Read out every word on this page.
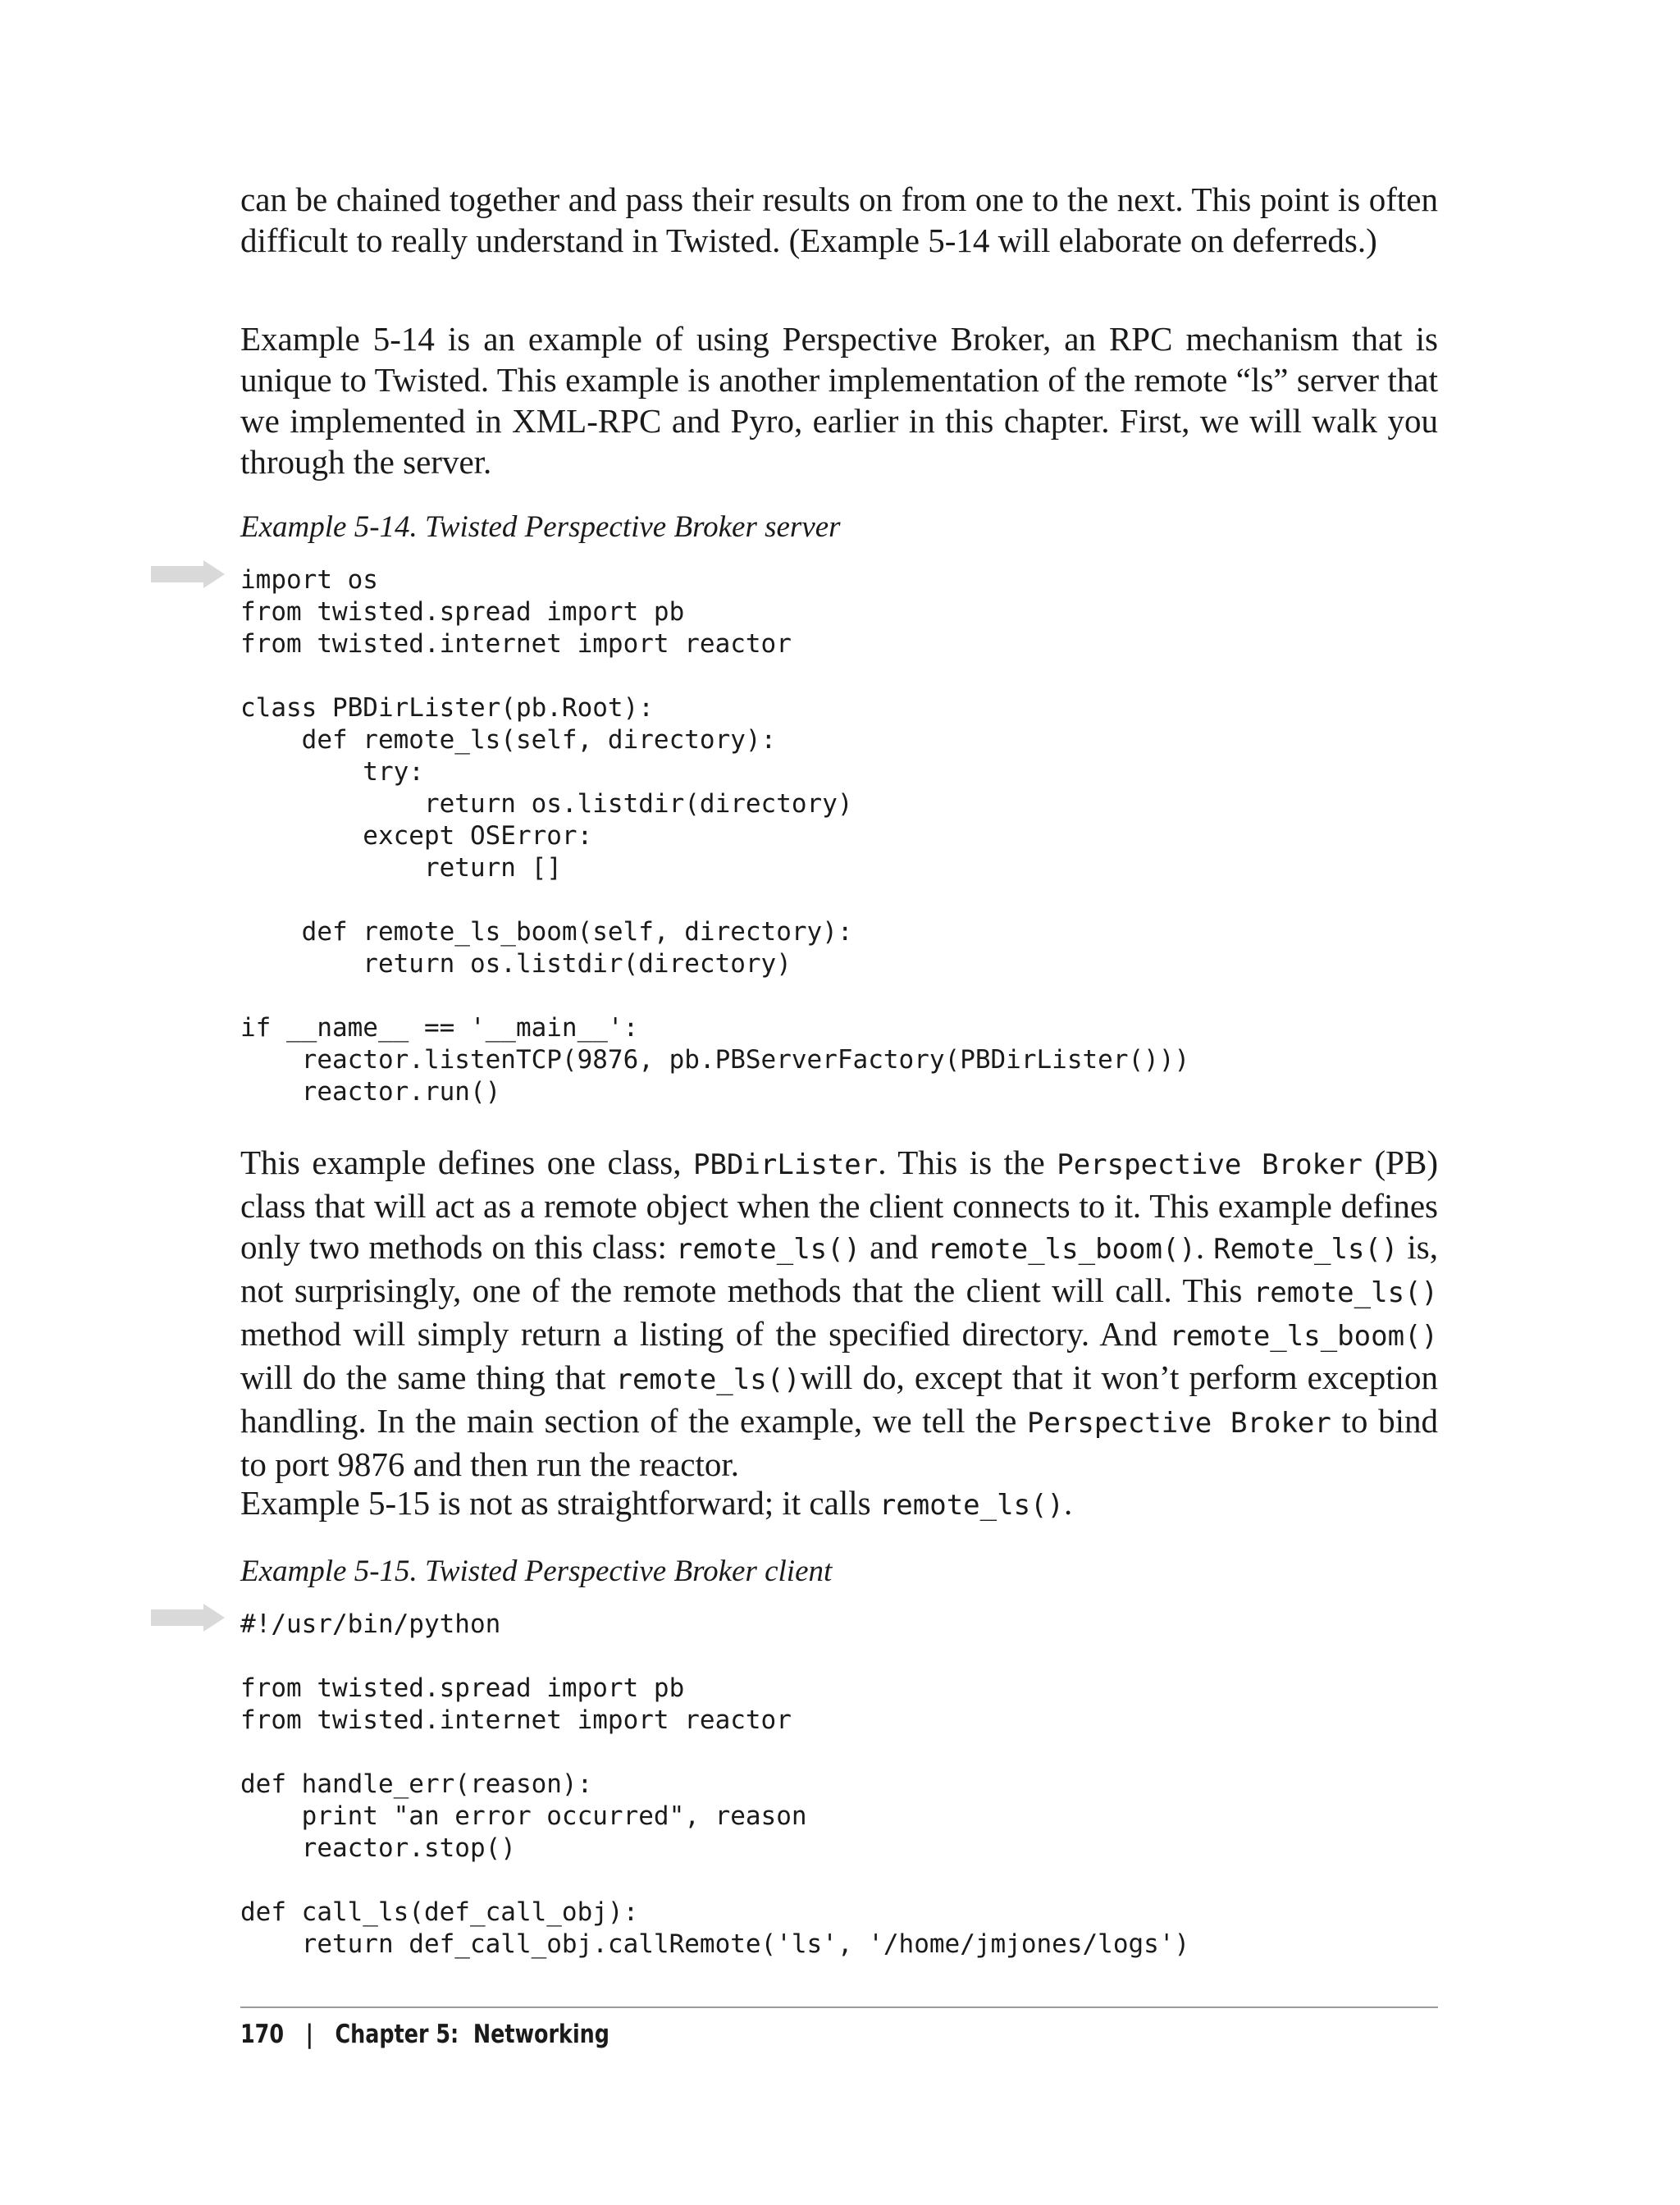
can be chained together and pass their results on from one to the next. This point is often difficult to really understand in Twisted. (Example 5-14 will elaborate on deferreds.)

Example 5-14 is an example of using Perspective Broker, an RPC mechanism that is unique to Twisted. This example is another implementation of the remote “ls” server that we implemented in XML-RPC and Pyro, earlier in this chapter. First, we will walk you through the server.

Example 5-14. Twisted Perspective Broker server

import os
from twisted.spread import pb
from twisted.internet import reactor

class PBDirLister(pb.Root):
def remote_ls(self, directory):
try:
return os.listdir(directory)
except OSError:
return []

def remote_ls_boom(self, directory):
return os.listdir(directory)

if __name__ == '__main__':
reactor.listenTCP(9876, pb.PBServerFactory(PBDirLister()))
reactor.run()

This example defines one class, PBDirLister. This is the Perspective Broker (PB) class that will act as a remote object when the client connects to it. This example defines only two methods on this class: remote_ls() and remote_ls_boom(). Remote_ls() is, not surprisingly, one of the remote methods that the client will call. This remote_ls() method will simply return a listing of the specified directory. And remote_ls_boom() will do the same thing that remote_ls()will do, except that it won’t perform exception handling. In the main section of the example, we tell the Perspective Broker to bind to port 9876 and then run the reactor.

Example 5-15 is not as straightforward; it calls remote_ls().

Example 5-15. Twisted Perspective Broker client

#!/usr/bin/python

from twisted.spread import pb
from twisted.internet import reactor

def handle_err(reason):
print "an error occurred", reason
reactor.stop()

def call_ls(def_call_obj):
return def_call_obj.callRemote('ls', '/home/jmjones/logs')
170 | Chapter 5:  Networking
